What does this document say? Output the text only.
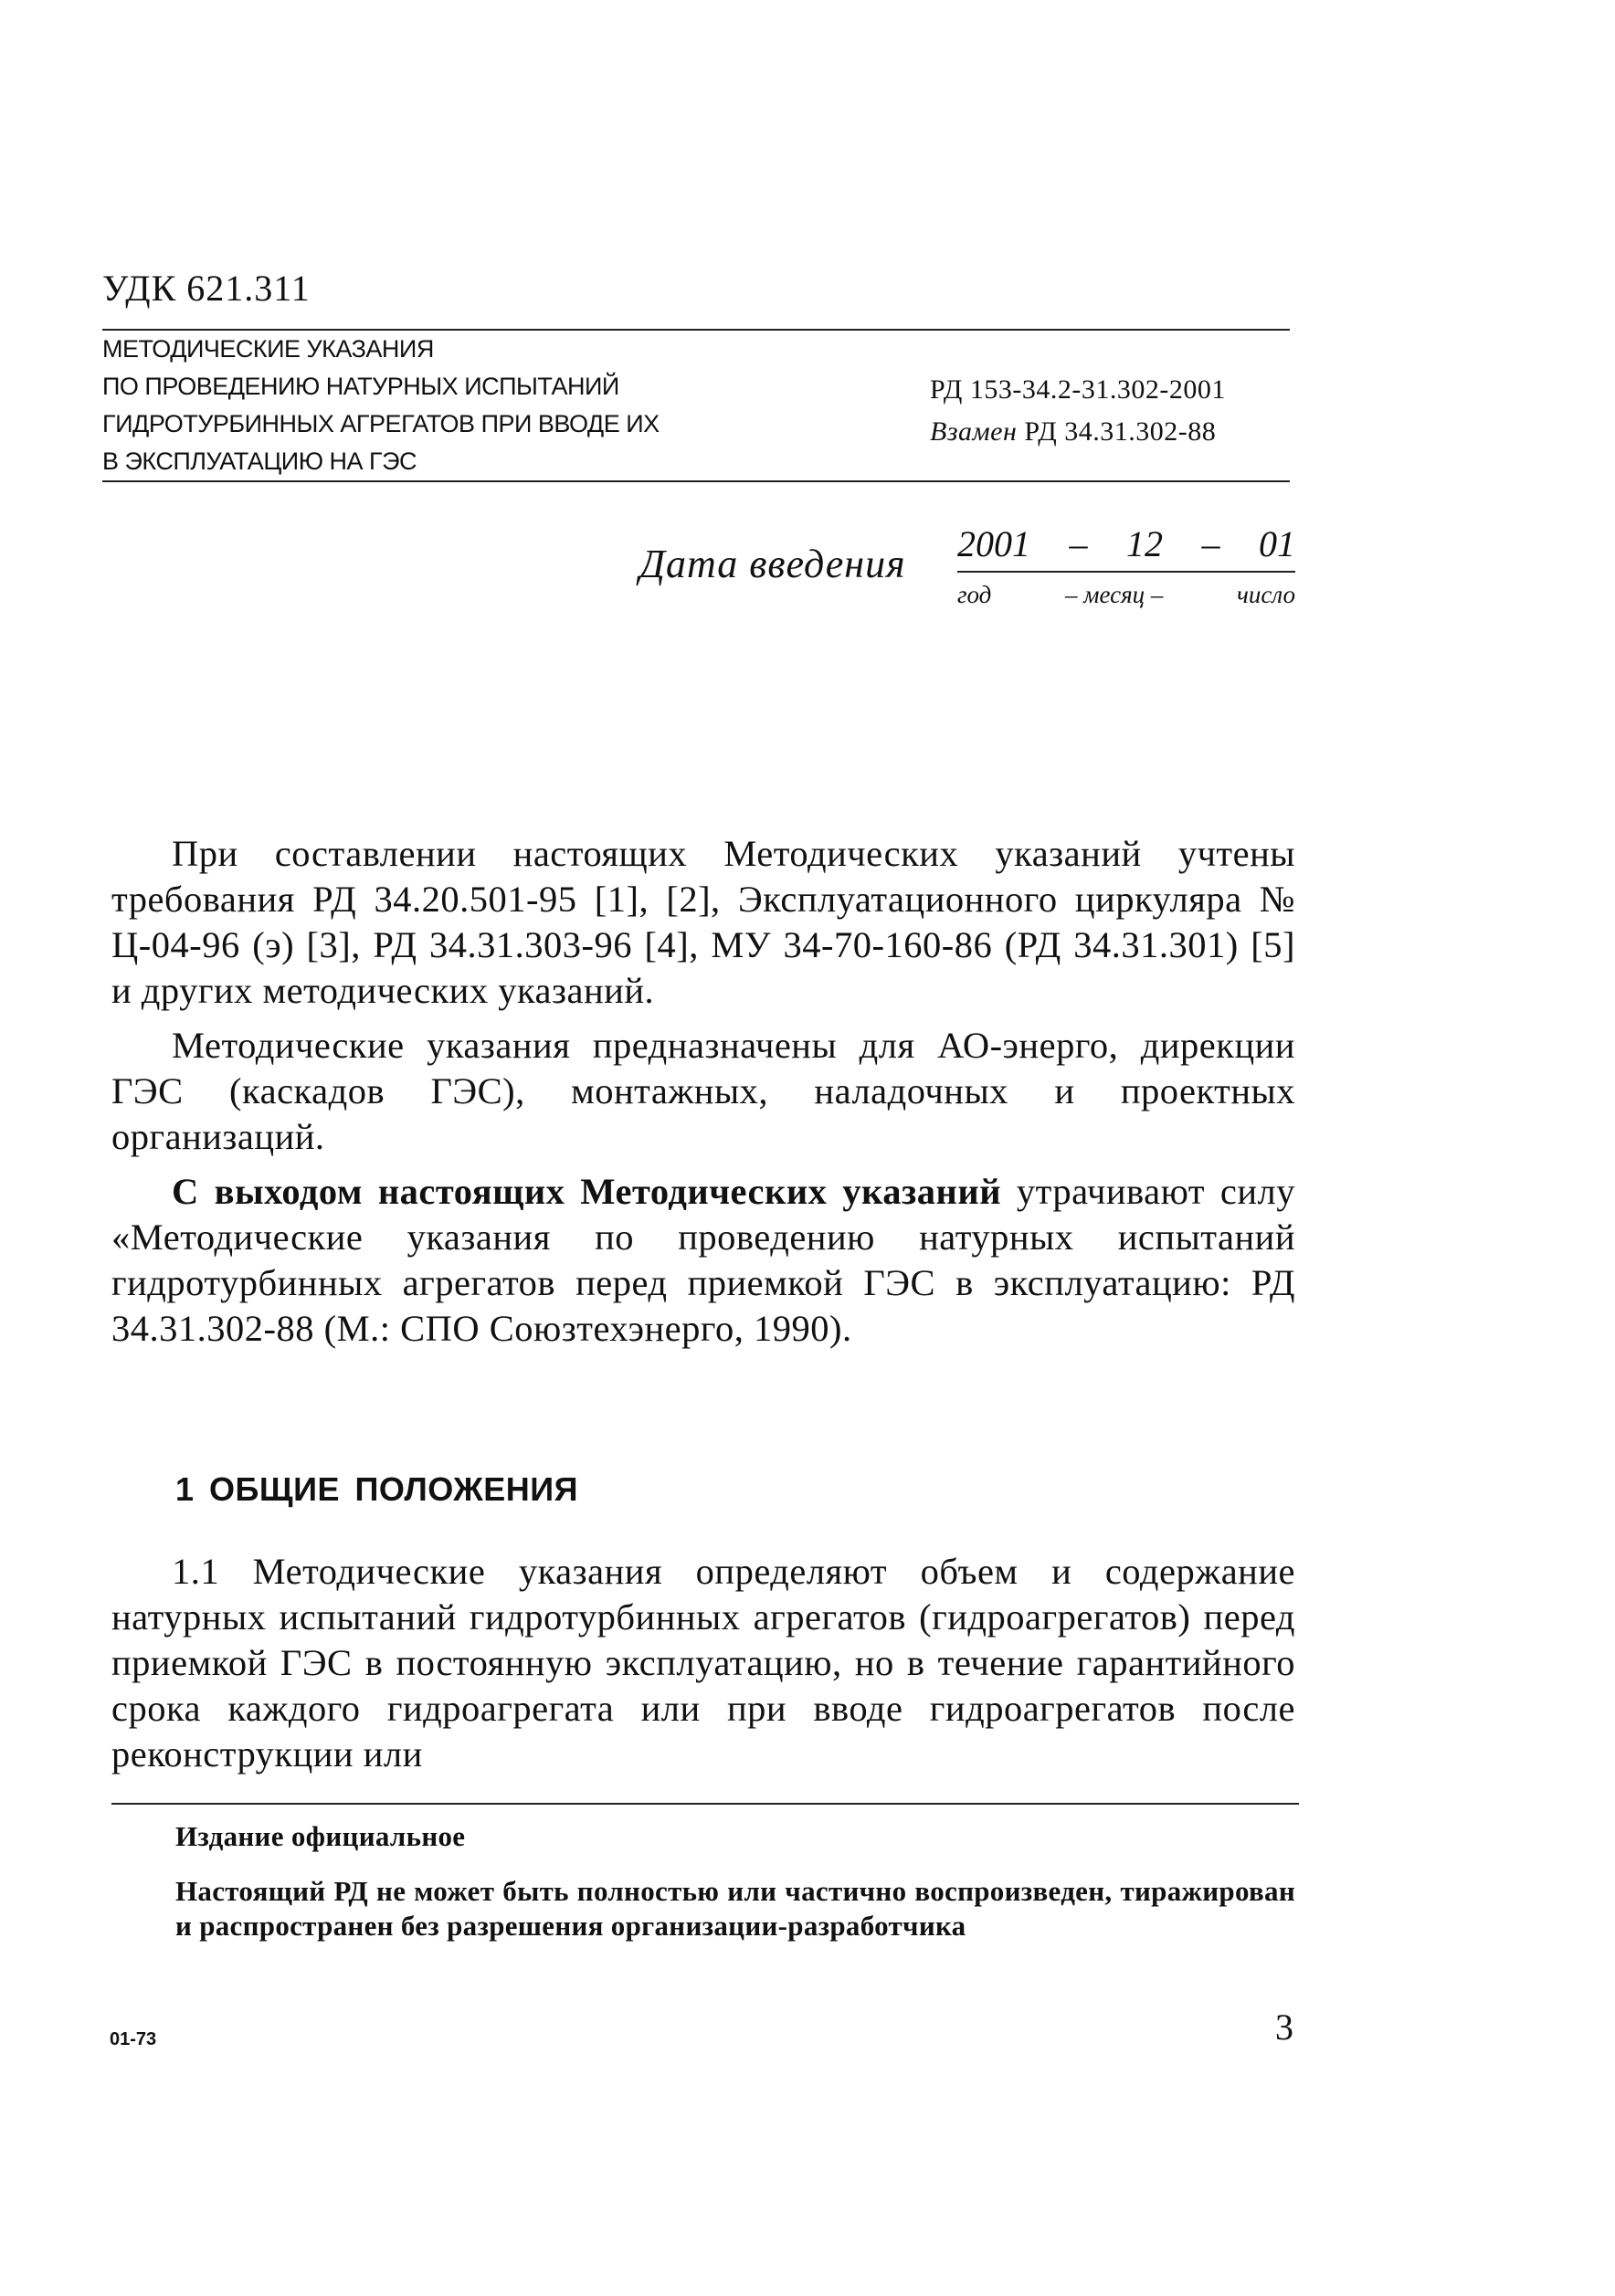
УДК 621.311
МЕТОДИЧЕСКИЕ УКАЗАНИЯ
ПО ПРОВЕДЕНИЮ НАТУРНЫХ ИСПЫТАНИЙ
ГИДРОТУРБИННЫХ АГРЕГАТОВ ПРИ ВВОДЕ ИХ
В ЭКСПЛУАТАЦИЮ НА ГЭС
РД 153-34.2-31.302-2001
Взамен РД 34.31.302-88
Дата введения 2001 – 12 – 01
год	– месяц –	число

При составлении настоящих Методических указаний учтены требования РД 34.20.501-95 [1], [2], Эксплуатационного циркуляра № Ц-04-96 (э) [3], РД 34.31.303-96 [4], МУ 34-70-160-86 (РД 34.31.301) [5] и других методических указаний.

Методические указания предназначены для АО-энерго, дирекции ГЭС (каскадов ГЭС), монтажных, наладочных и проектных организаций.

С выходом настоящих Методических указаний утрачивают силу «Методические указания по проведению натурных испытаний гидротурбинных агрегатов перед приемкой ГЭС в эксплуатацию: РД 34.31.302-88 (М.: СПО Союзтехэнерго, 1990).

1 ОБЩИЕ ПОЛОЖЕНИЯ

1.1 Методические указания определяют объем и содержание натурных испытаний гидротурбинных агрегатов (гидроагрегатов) перед приемкой ГЭС в постоянную эксплуатацию, но в течение гарантийного срока каждого гидроагрегата или при вводе гидроагрегатов после реконструкции или

Издание официальное
Настоящий РД не может быть полностью или частично воспроизведен, тиражирован и распространен без разрешения организации-разработчика
01-73	3
